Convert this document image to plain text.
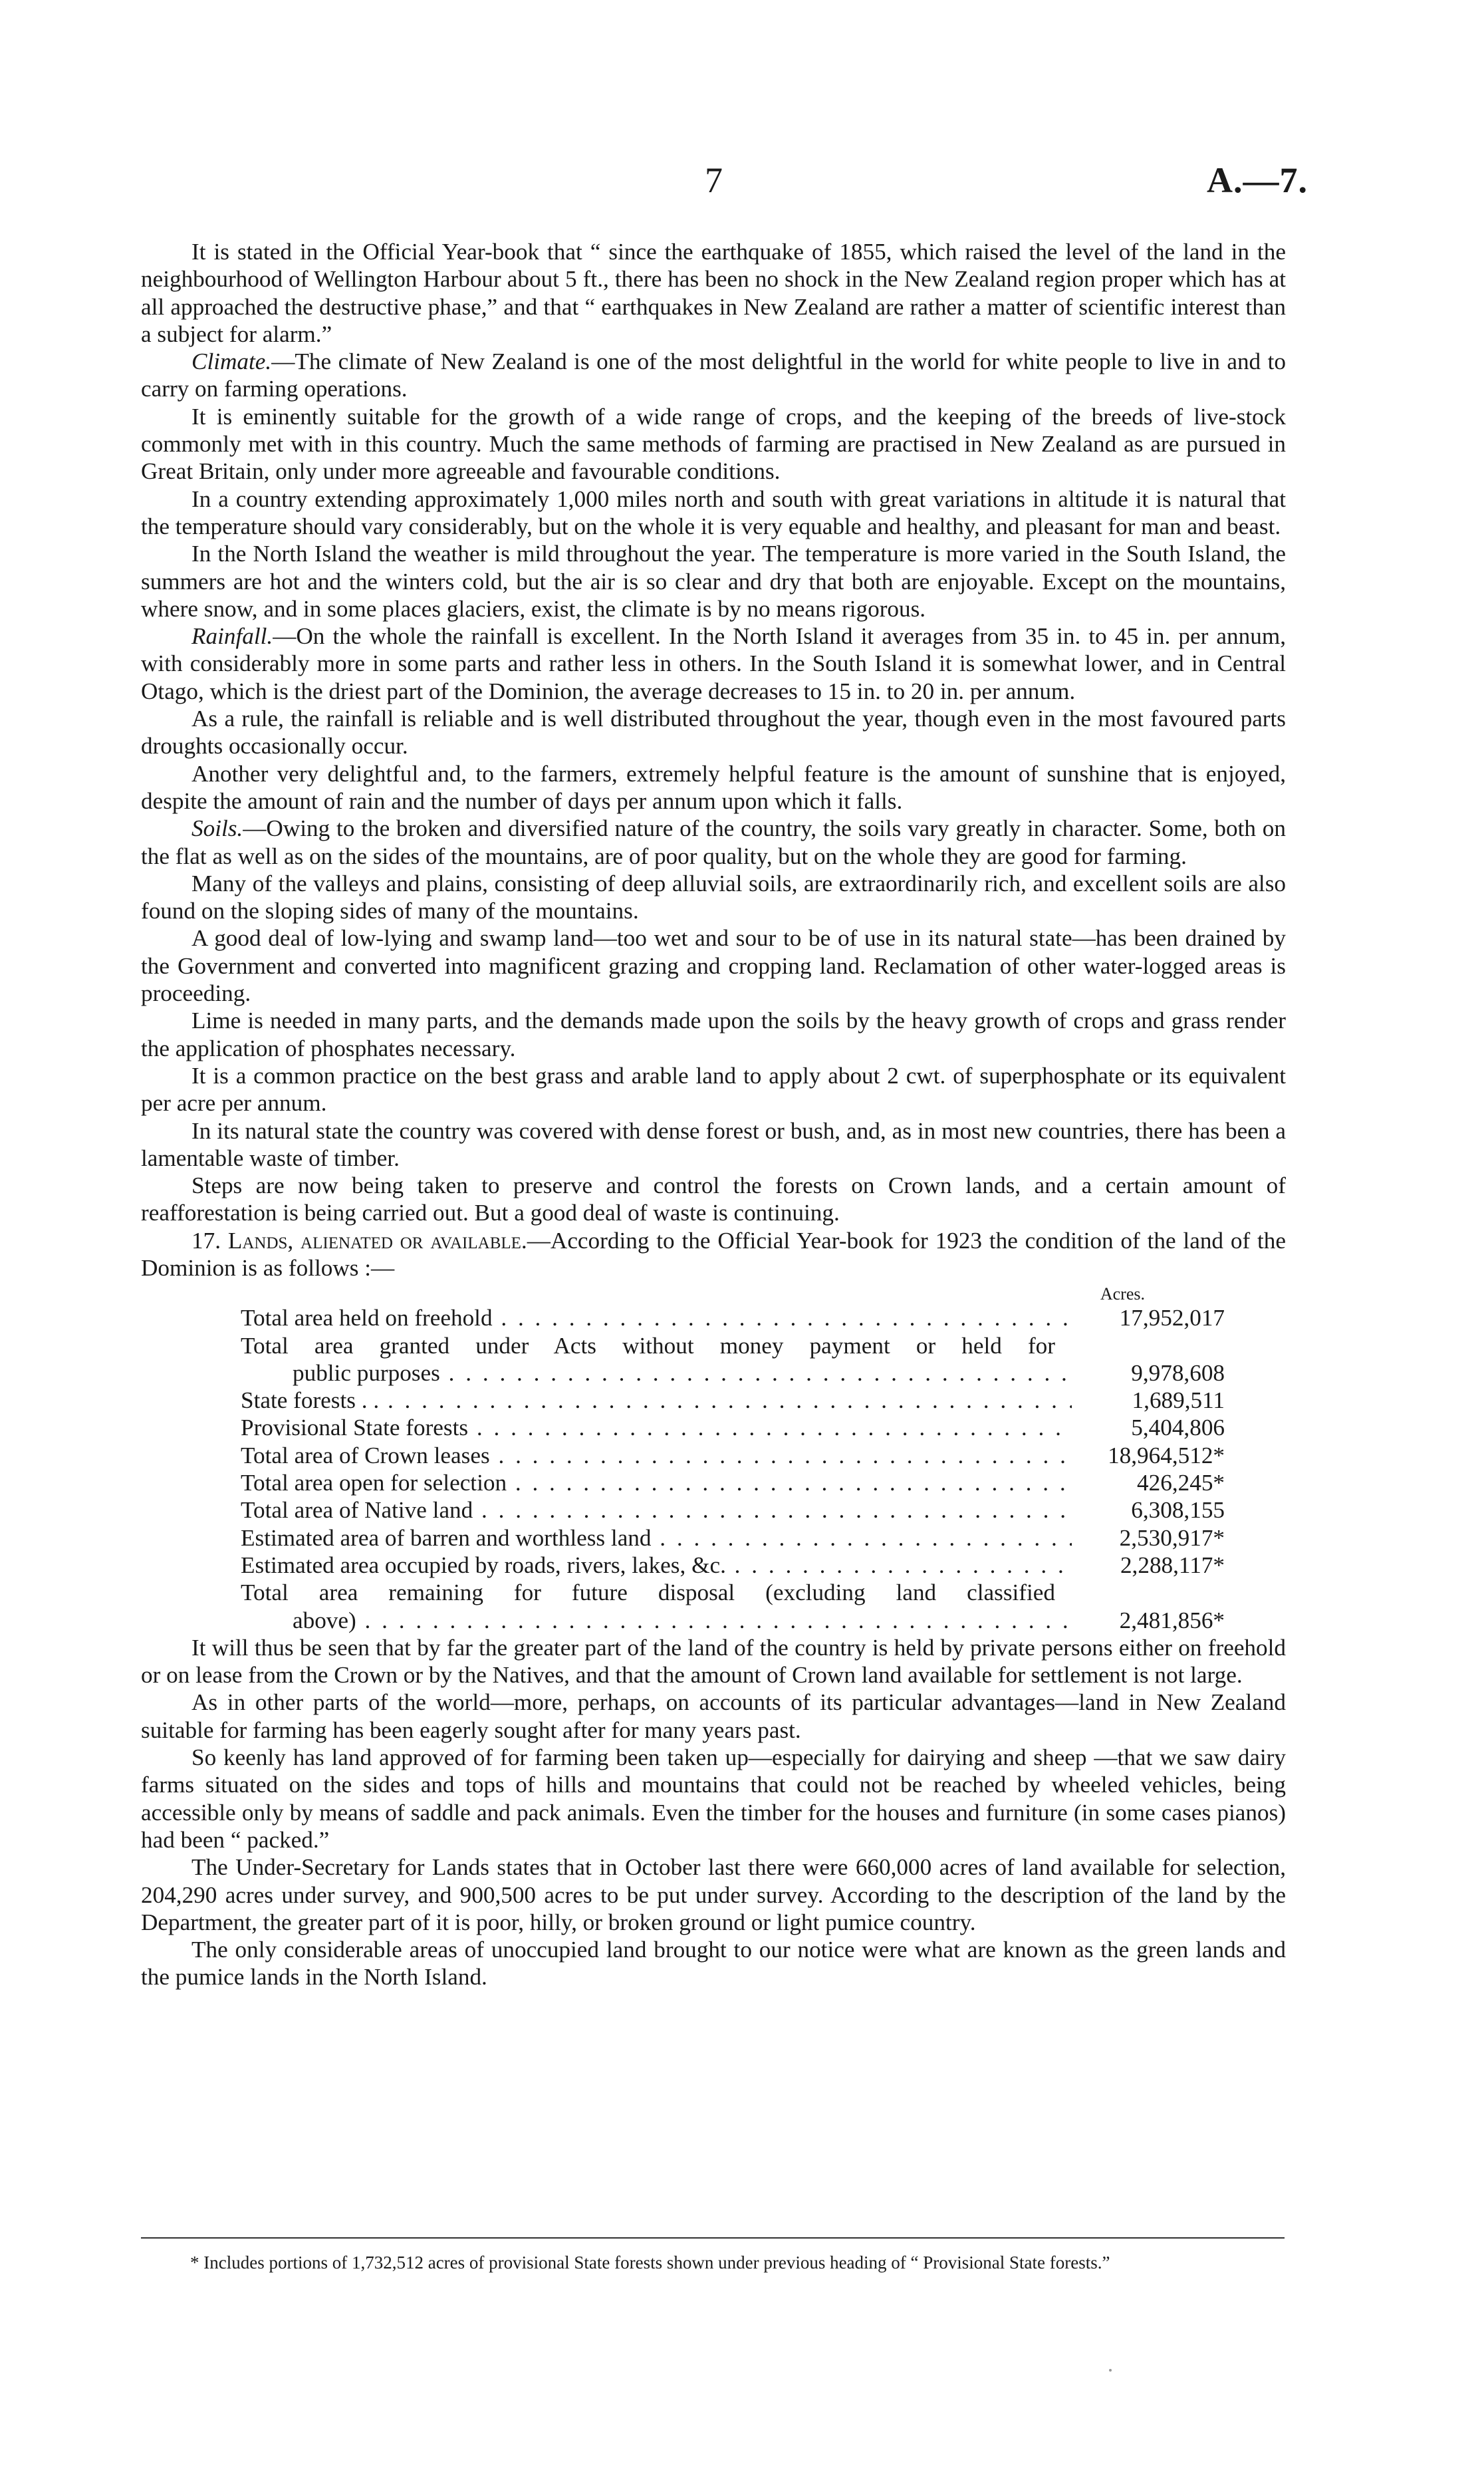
7	A.—7.

It is stated in the Official Year-book that “ since the earthquake of 1855, which raised the level of the land in the neighbourhood of Wellington Harbour about 5 ft., there has been no shock in the New Zealand region proper which has at all approached the destructive phase,” and that “ earthquakes in New Zealand are rather a matter of scientific interest than a subject for alarm.”

Climate.—The climate of New Zealand is one of the most delightful in the world for white people to live in and to carry on farming operations.

It is eminently suitable for the growth of a wide range of crops, and the keeping of the breeds of live-stock commonly met with in this country. Much the same methods of farming are practised in New Zealand as are pursued in Great Britain, only under more agreeable and favourable conditions.

In a country extending approximately 1,000 miles north and south with great variations in altitude it is natural that the temperature should vary considerably, but on the whole it is very equable and healthy, and pleasant for man and beast.

In the North Island the weather is mild throughout the year. The temperature is more varied in the South Island, the summers are hot and the winters cold, but the air is so clear and dry that both are enjoyable. Except on the mountains, where snow, and in some places glaciers, exist, the climate is by no means rigorous.

Rainfall.—On the whole the rainfall is excellent. In the North Island it averages from 35 in. to 45 in. per annum, with considerably more in some parts and rather less in others. In the South Island it is somewhat lower, and in Central Otago, which is the driest part of the Dominion, the average decreases to 15 in. to 20 in. per annum.

As a rule, the rainfall is reliable and is well distributed throughout the year, though even in the most favoured parts droughts occasionally occur.

Another very delightful and, to the farmers, extremely helpful feature is the amount of sunshine that is enjoyed, despite the amount of rain and the number of days per annum upon which it falls.

Soils.—Owing to the broken and diversified nature of the country, the soils vary greatly in character. Some, both on the flat as well as on the sides of the mountains, are of poor quality, but on the whole they are good for farming.

Many of the valleys and plains, consisting of deep alluvial soils, are extraordinarily rich, and excellent soils are also found on the sloping sides of many of the mountains.

A good deal of low-lying and swamp land—too wet and sour to be of use in its natural state—has been drained by the Government and converted into magnificent grazing and cropping land. Reclamation of other water-logged areas is proceeding.

Lime is needed in many parts, and the demands made upon the soils by the heavy growth of crops and grass render the application of phosphates necessary.

It is a common practice on the best grass and arable land to apply about 2 cwt. of superphosphate or its equivalent per acre per annum.

In its natural state the country was covered with dense forest or bush, and, as in most new countries, there has been a lamentable waste of timber.

Steps are now being taken to preserve and control the forests on Crown lands, and a certain amount of reafforestation is being carried out. But a good deal of waste is continuing.

17. Lands, alienated or available.—According to the Official Year-book for 1923 the condition of the land of the Dominion is as follows :—

Acres.
Total area held on freehold . .	17,952,017
Total area granted under Acts without money payment or held for
public purposes . .	9,978,608
State forests . . . .	1,689,511
Provisional State forests . .	5,404,806
Total area of Crown leases . .	18,964,512*
Total area open for selection . .	426,245*
Total area of Native land . .	6,308,155
Estimated area of barren and worthless land . .	2,530,917*
Estimated area occupied by roads, rivers, lakes, &c. . .	2,288,117*
Total area remaining for future disposal (excluding land classified
above) . .	2,481,856*

It will thus be seen that by far the greater part of the land of the country is held by private persons either on freehold or on lease from the Crown or by the Natives, and that the amount of Crown land available for settlement is not large.

As in other parts of the world—more, perhaps, on accounts of its particular advantages—land in New Zealand suitable for farming has been eagerly sought after for many years past.

So keenly has land approved of for farming been taken up—especially for dairying and sheep —that we saw dairy farms situated on the sides and tops of hills and mountains that could not be reached by wheeled vehicles, being accessible only by means of saddle and pack animals. Even the timber for the houses and furniture (in some cases pianos) had been “ packed.”

The Under-Secretary for Lands states that in October last there were 660,000 acres of land available for selection, 204,290 acres under survey, and 900,500 acres to be put under survey. According to the description of the land by the Department, the greater part of it is poor, hilly, or broken ground or light pumice country.

The only considerable areas of unoccupied land brought to our notice were what are known as the green lands and the pumice lands in the North Island.

* Includes portions of 1,732,512 acres of provisional State forests shown under previous heading of “ Provisional State forests.”
